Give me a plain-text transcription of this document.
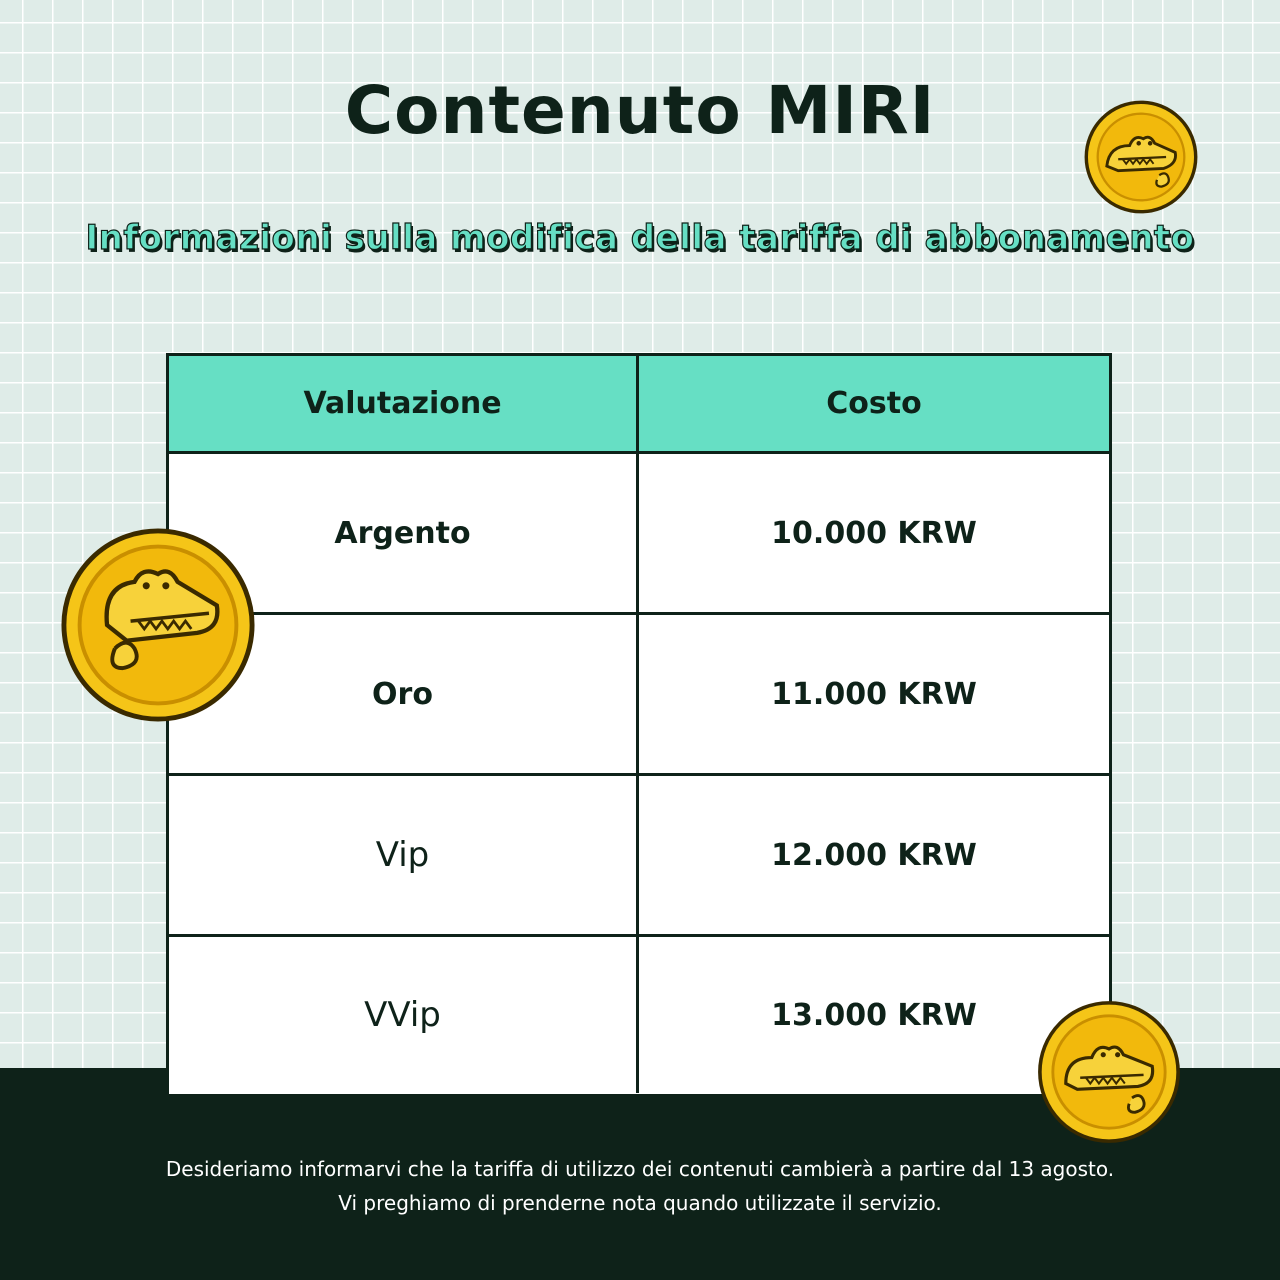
Contenuto MIRI
Informazioni sulla modifica della tariffa di abbonamento
Valutazione	Costo
Argento	10.000 KRW
Oro	11.000 KRW
Vip	12.000 KRW
VVip	13.000 KRW
Desideriamo informarvi che la tariffa di utilizzo dei contenuti cambierà a partire dal 13 agosto.
Vi preghiamo di prenderne nota quando utilizzate il servizio.
